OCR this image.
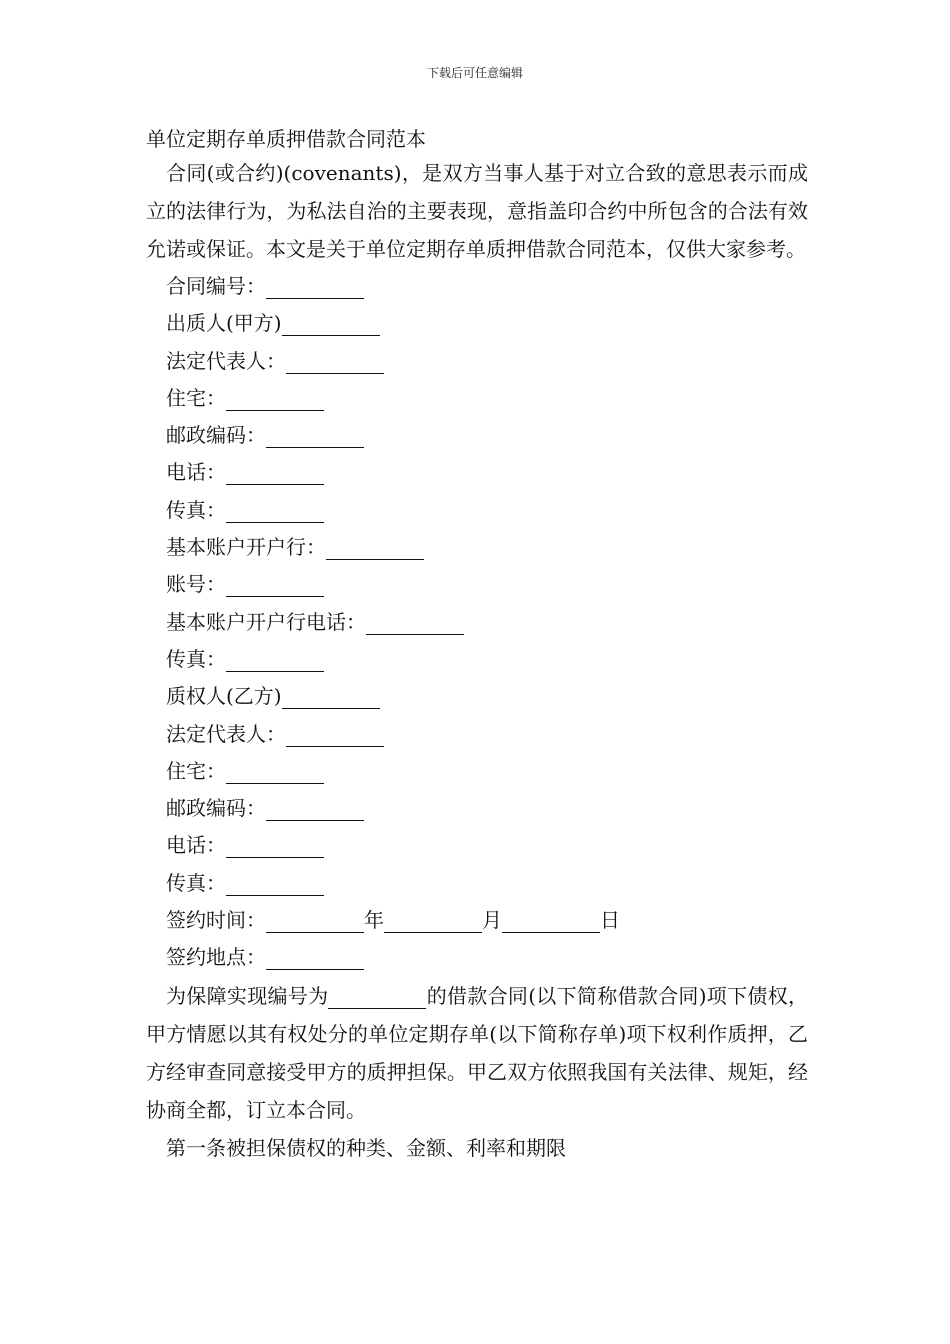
下载后可任意编辑

单位定期存单质押借款合同范本

合同(或合约)(covenants)，是双方当事人基于对立合致的意思表示而成立的法律行为，为私法自治的主要表现，意指盖印合约中所包含的合法有效允诺或保证。本文是关于单位定期存单质押借款合同范本，仅供大家参考。

合同编号：

出质人(甲方)

法定代表人：

住宅：

邮政编码：

电话：

传真：

基本账户开户行：

账号：

基本账户开户行电话：

传真：

质权人(乙方)

法定代表人：

住宅：

邮政编码：

电话：

传真：

签约时间：	年	月	日

签约地点：

为保障实现编号为	的借款合同(以下简称借款合同)项下债权，甲方情愿以其有权处分的单位定期存单(以下简称存单)项下权利作质押，乙方经审查同意接受甲方的质押担保。甲乙双方依照我国有关法律、规矩，经协商全都，订立本合同。

第一条被担保债权的种类、金额、利率和期限
